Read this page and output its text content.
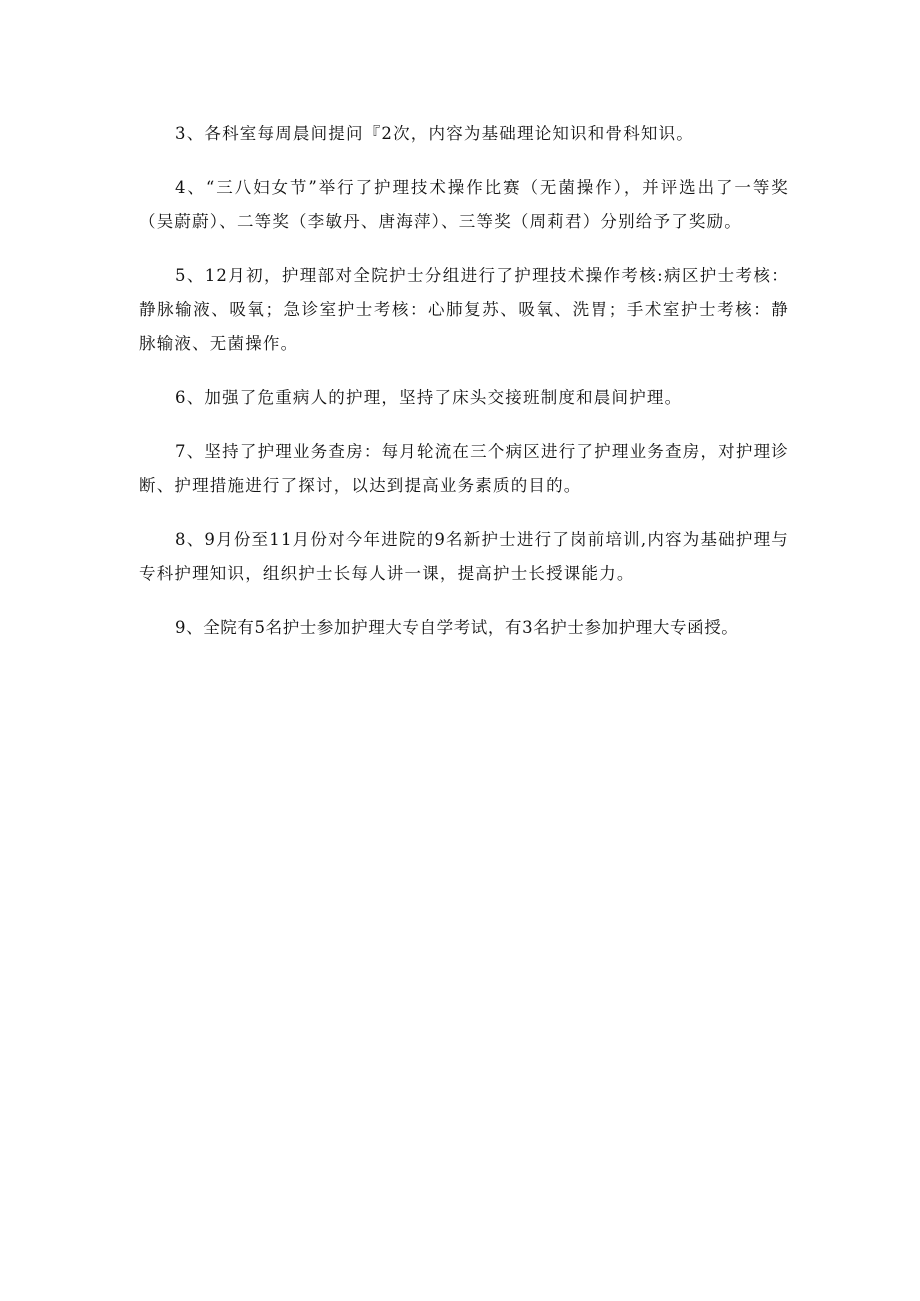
3、各科室每周晨间提问『2次，内容为基础理论知识和骨科知识。

4、“三八妇女节”举行了护理技术操作比赛（无菌操作），并评选出了一等奖（吴蔚蔚）、二等奖（李敏丹、唐海萍）、三等奖（周莉君）分别给予了奖励。

5、12月初，护理部对全院护士分组进行了护理技术操作考核:病区护士考核：静脉输液、吸氧；急诊室护士考核：心肺复苏、吸氧、洗胃；手术室护士考核：静脉输液、无菌操作。

6、加强了危重病人的护理，坚持了床头交接班制度和晨间护理。

7、坚持了护理业务查房：每月轮流在三个病区进行了护理业务查房，对护理诊断、护理措施进行了探讨，以达到提高业务素质的目的。

8、9月份至11月份对今年进院的9名新护士进行了岗前培训,内容为基础护理与专科护理知识，组织护士长每人讲一课，提高护士长授课能力。

9、全院有5名护士参加护理大专自学考试，有3名护士参加护理大专函授。
